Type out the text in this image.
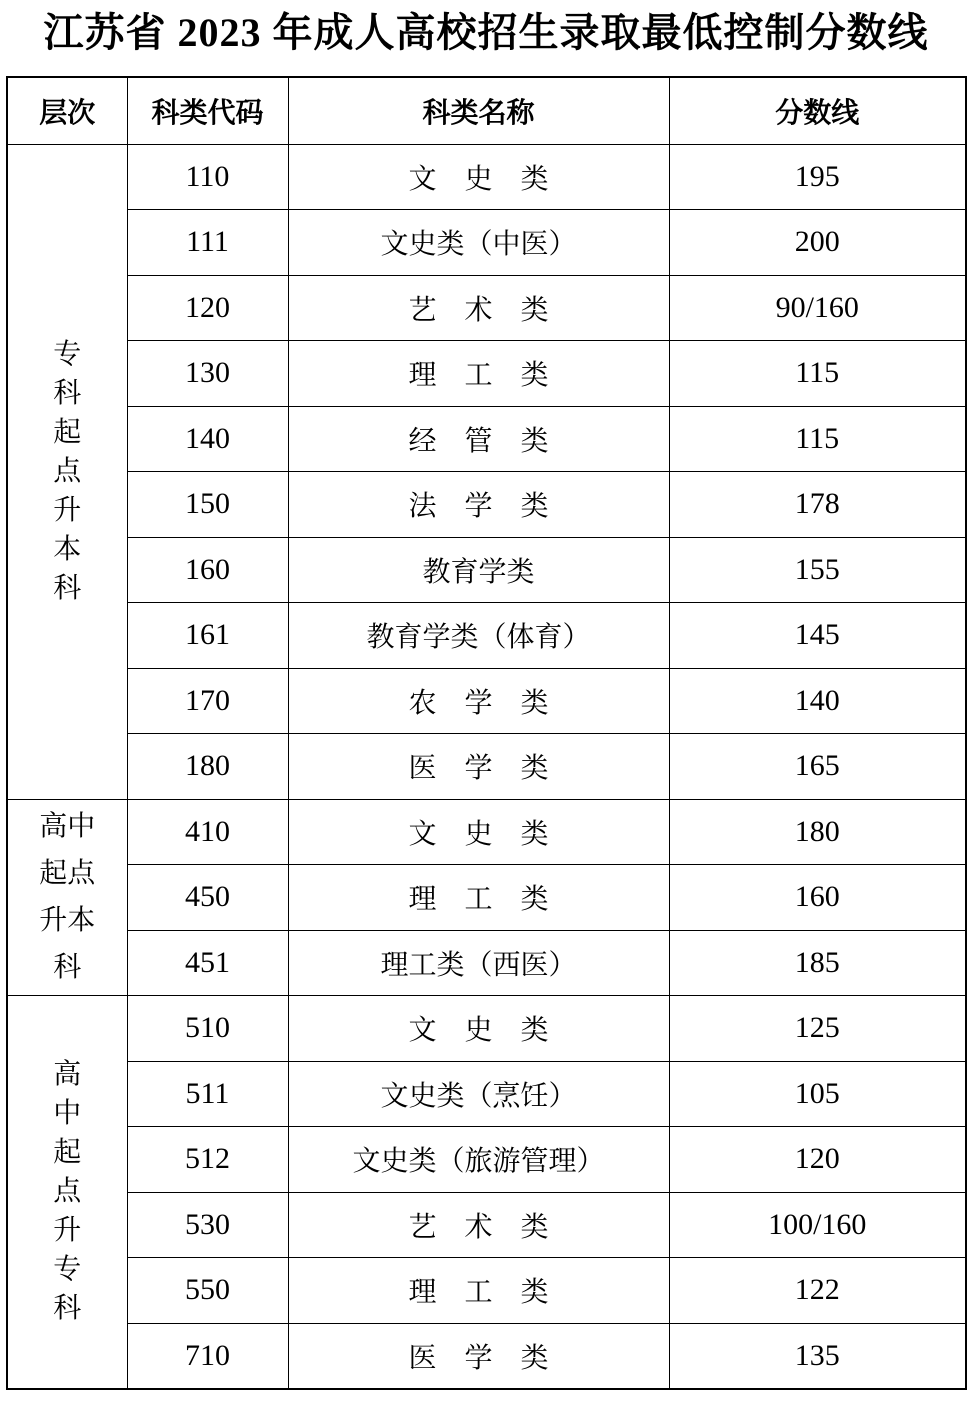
江苏省 2023 年成人高校招生录取最低控制分数线
层次	科类代码	科类名称	分数线
专科起点升本科	110	文　史　类	195
	111	文史类（中医）	200
	120	艺　术　类	90/160
	130	理　工　类	115
	140	经　管　类	115
	150	法　学　类	178
	160	教育学类	155
	161	教育学类（体育）	145
	170	农　学　类	140
	180	医　学　类	165
高中起点升本科	410	文　史　类	180
	450	理　工　类	160
	451	理工类（西医）	185
高中起点升专科	510	文　史　类	125
	511	文史类（烹饪）	105
	512	文史类（旅游管理）	120
	530	艺　术　类	100/160
	550	理　工　类	122
	710	医　学　类	135
